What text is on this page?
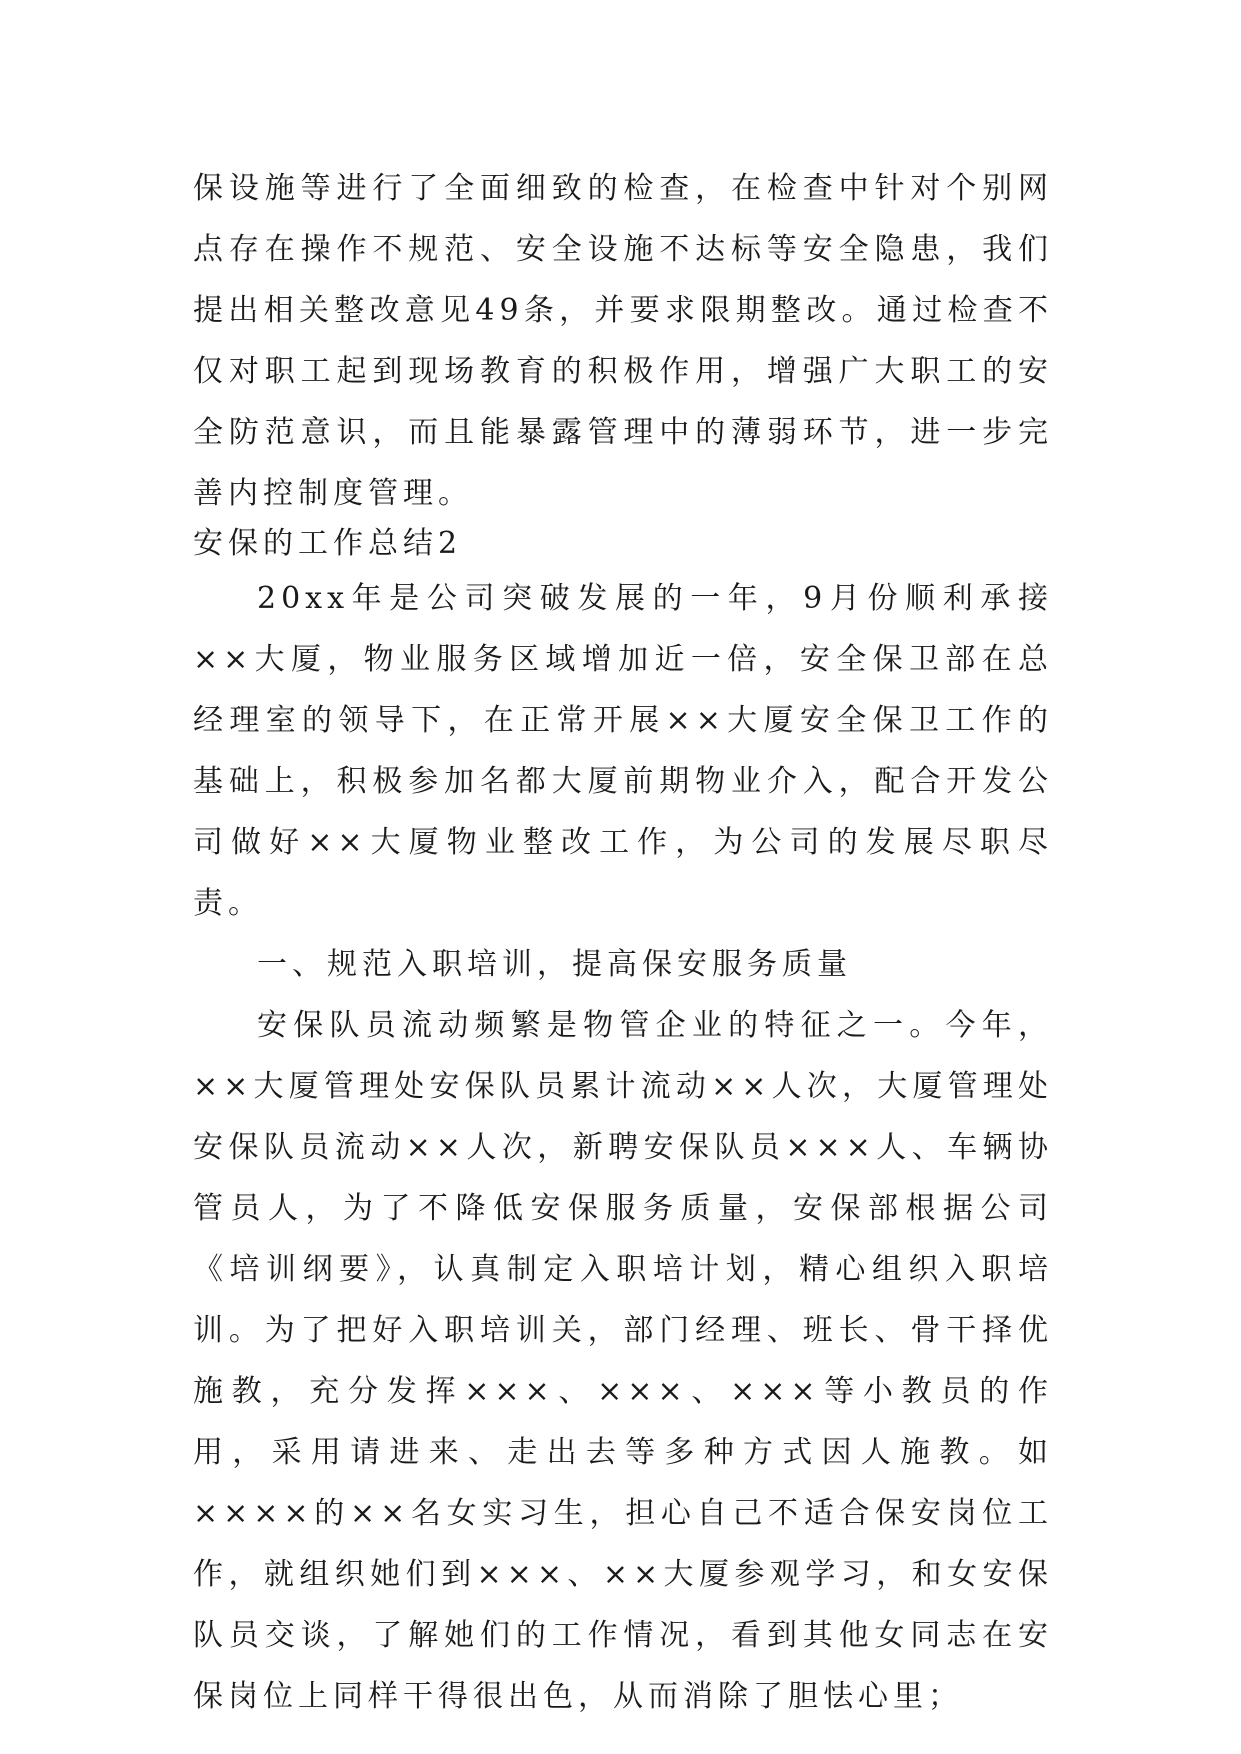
保设施等进行了全面细致的检查，在检查中针对个别网点存在操作不规范、安全设施不达标等安全隐患，我们提出相关整改意见49条，并要求限期整改。通过检查不仅对职工起到现场教育的积极作用，增强广大职工的安全防范意识，而且能暴露管理中的薄弱环节，进一步完善内控制度管理。

安保的工作总结2

20xx年是公司突破发展的一年，9月份顺利承接××大厦，物业服务区域增加近一倍，安全保卫部在总经理室的领导下，在正常开展××大厦安全保卫工作的基础上，积极参加名都大厦前期物业介入，配合开发公司做好××大厦物业整改工作，为公司的发展尽职尽责。

一、规范入职培训，提高保安服务质量

安保队员流动频繁是物管企业的特征之一。今年，××大厦管理处安保队员累计流动××人次，大厦管理处安保队员流动××人次，新聘安保队员×××人、车辆协管员人，为了不降低安保服务质量，安保部根据公司《培训纲要》，认真制定入职培计划，精心组织入职培训。为了把好入职培训关，部门经理、班长、骨干择优施教，充分发挥×××、×××、×××等小教员的作用，采用请进来、走出去等多种方式因人施教。如××××的××名女实习生，担心自己不适合保安岗位工作，就组织她们到×××、××大厦参观学习，和女安保队员交谈，了解她们的工作情况，看到其他女同志在安保岗位上同样干得很出色，从而消除了胆怯心里；
